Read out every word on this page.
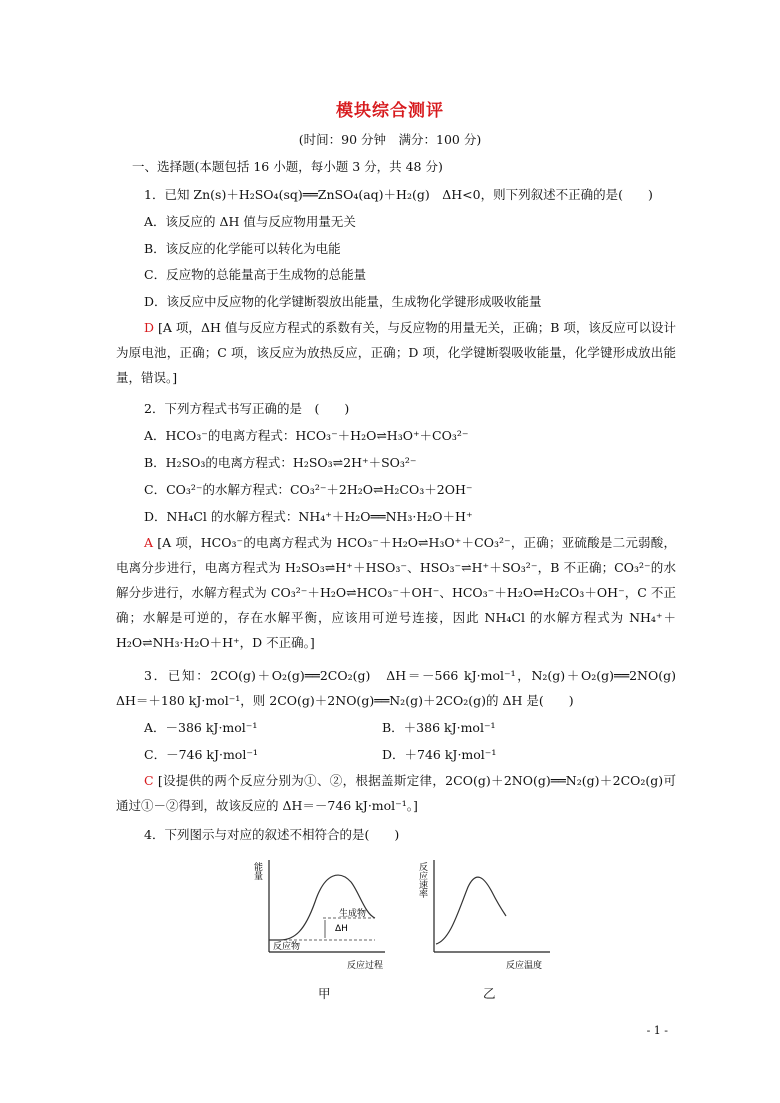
模块综合测评
(时间：90 分钟　满分：100 分)
一、选择题(本题包括 16 小题，每小题 3 分，共 48 分)
1．已知 Zn(s)＋H₂SO₄(sq)══ZnSO₄(aq)＋H₂(g)　ΔH<0，则下列叙述不正确的是(　　)
A．该反应的 ΔH 值与反应物用量无关
B．该反应的化学能可以转化为电能
C．反应物的总能量高于生成物的总能量
D．该反应中反应物的化学键断裂放出能量，生成物化学键形成吸收能量
D [A 项，ΔH 值与反应方程式的系数有关，与反应物的用量无关，正确；B 项，该反应可以设计为原电池，正确；C 项，该反应为放热反应，正确；D 项，化学键断裂吸收能量，化学键形成放出能量，错误。]
2．下列方程式书写正确的是　(　　)
A．HCO₃⁻的电离方程式：HCO₃⁻＋H₂O⇌H₃O⁺＋CO₃²⁻
B．H₂SO₃的电离方程式：H₂SO₃⇌2H⁺＋SO₃²⁻
C．CO₃²⁻的水解方程式：CO₃²⁻＋2H₂O⇌H₂CO₃＋2OH⁻
D．NH₄Cl 的水解方程式：NH₄⁺＋H₂O══NH₃·H₂O＋H⁺
A [A 项，HCO₃⁻的电离方程式为 HCO₃⁻＋H₂O⇌H₃O⁺＋CO₃²⁻，正确；亚硫酸是二元弱酸，电离分步进行，电离方程式为 H₂SO₃⇌H⁺＋HSO₃⁻、HSO₃⁻⇌H⁺＋SO₃²⁻，B 不正确；CO₃²⁻的水解分步进行，水解方程式为 CO₃²⁻＋H₂O⇌HCO₃⁻＋OH⁻、HCO₃⁻＋H₂O⇌H₂CO₃＋OH⁻，C 不正确；水解是可逆的，存在水解平衡，应该用可逆号连接，因此 NH₄Cl 的水解方程式为 NH₄⁺＋H₂O⇌NH₃·H₂O＋H⁺，D 不正确。]
3．已知：2CO(g)＋O₂(g)══2CO₂(g)　ΔH＝－566 kJ·mol⁻¹，N₂(g)＋O₂(g)══2NO(g)　ΔH＝＋180 kJ·mol⁻¹，则 2CO(g)＋2NO(g)══N₂(g)＋2CO₂(g)的 ΔH 是(　　)
A．－386 kJ·mol⁻¹	B．＋386 kJ·mol⁻¹
C．－746 kJ·mol⁻¹	D．＋746 kJ·mol⁻¹
C [设提供的两个反应分别为①、②，根据盖斯定律，2CO(g)＋2NO(g)══N₂(g)＋2CO₂(g)可通过①－②得到，故该反应的 ΔH＝－746 kJ·mol⁻¹。]
4．下列图示与对应的叙述不相符合的是(　　)
能量
ΔH
生成物
反应物
反应过程
甲
反应速率
反应温度
乙
- 1 -
